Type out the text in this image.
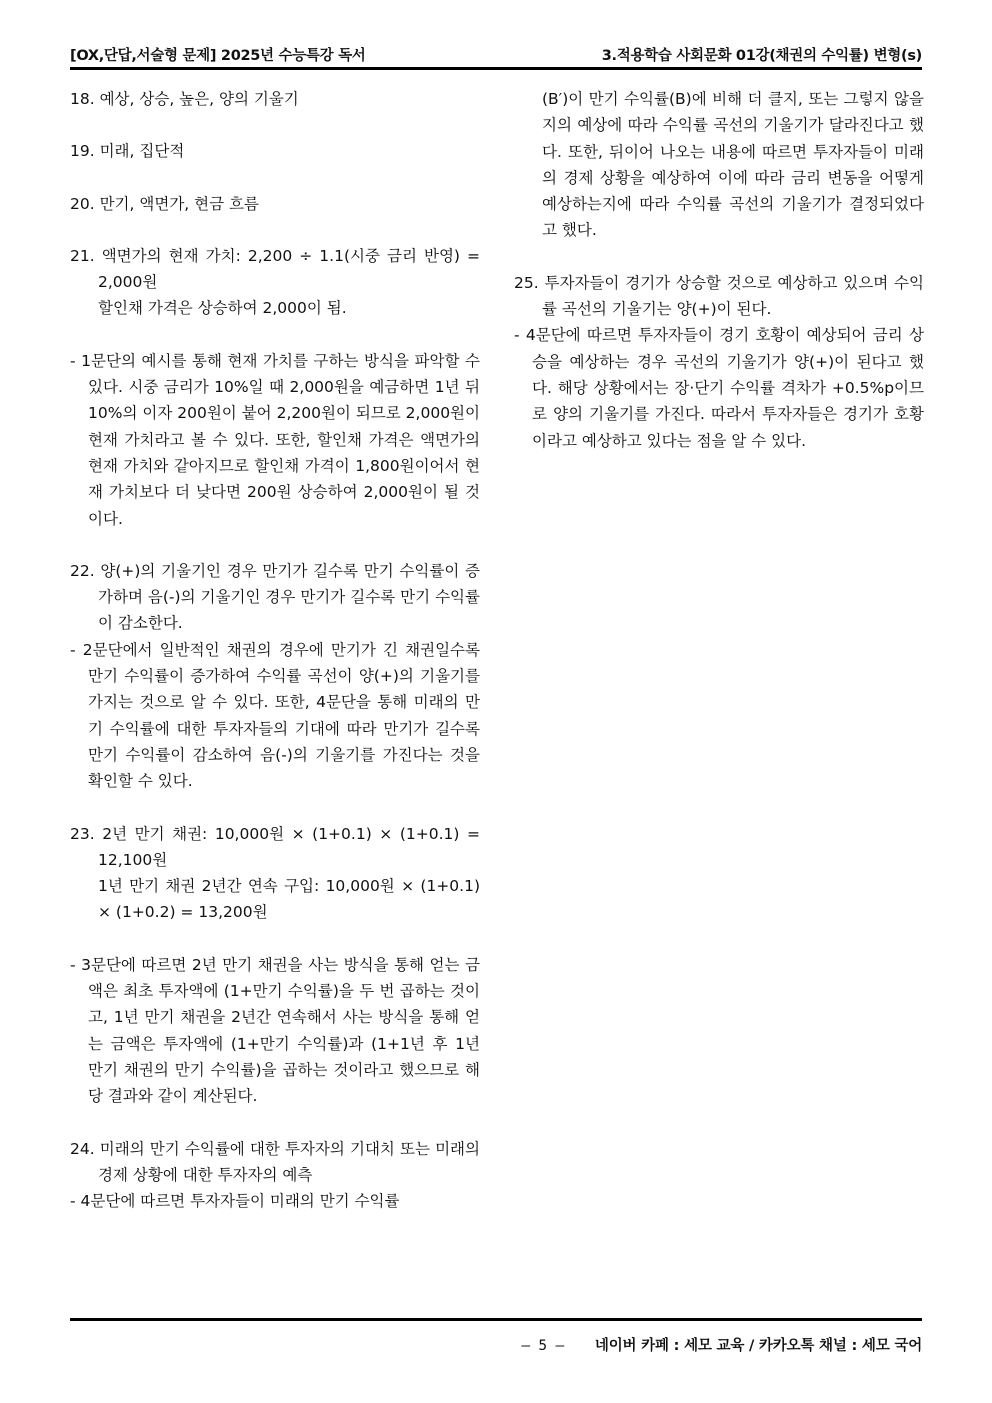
[OX,단답,서술형 문제] 2025년 수능특강 독서	3.적용학습 사회문화 01강(채권의 수익률) 변형(s)

18. 예상, 상승, 높은, 양의 기울기

19. 미래, 집단적

20. 만기, 액면가, 현금 흐름

21. 액면가의 현재 가치: 2,200 ÷ 1.1(시중 금리 반영) = 2,000원

할인채 가격은 상승하여 2,000이 됨.

- 1문단의 예시를 통해 현재 가치를 구하는 방식을 파악할 수 있다. 시중 금리가 10%일 때 2,000원을 예금하면 1년 뒤 10%의 이자 200원이 붙어 2,200원이 되므로 2,000원이 현재 가치라고 볼 수 있다. 또한, 할인채 가격은 액면가의 현재 가치와 같아지므로 할인채 가격이 1,800원이어서 현재 가치보다 더 낮다면 200원 상승하여 2,000원이 될 것이다.

22. 양(+)의 기울기인 경우 만기가 길수록 만기 수익률이 증가하며 음(-)의 기울기인 경우 만기가 길수록 만기 수익률이 감소한다.

- 2문단에서 일반적인 채권의 경우에 만기가 긴 채권일수록 만기 수익률이 증가하여 수익률 곡선이 양(+)의 기울기를 가지는 것으로 알 수 있다. 또한, 4문단을 통해 미래의 만기 수익률에 대한 투자자들의 기대에 따라 만기가 길수록 만기 수익률이 감소하여 음(-)의 기울기를 가진다는 것을 확인할 수 있다.

23. 2년 만기 채권: 10,000원 × (1+0.1) × (1+0.1) = 12,100원

1년 만기 채권 2년간 연속 구입: 10,000원 × (1+0.1) × (1+0.2) = 13,200원

- 3문단에 따르면 2년 만기 채권을 사는 방식을 통해 얻는 금액은 최초 투자액에 (1+만기 수익률)을 두 번 곱하는 것이고, 1년 만기 채권을 2년간 연속해서 사는 방식을 통해 얻는 금액은 투자액에 (1+만기 수익률)과 (1+1년 후 1년 만기 채권의 만기 수익률)을 곱하는 것이라고 했으므로 해당 결과와 같이 계산된다.

24. 미래의 만기 수익률에 대한 투자자의 기대치 또는 미래의 경제 상황에 대한 투자자의 예측

- 4문단에 따르면 투자자들이 미래의 만기 수익률

(B′)이 만기 수익률(B)에 비해 더 클지, 또는 그렇지 않을지의 예상에 따라 수익률 곡선의 기울기가 달라진다고 했다. 또한, 뒤이어 나오는 내용에 따르면 투자자들이 미래의 경제 상황을 예상하여 이에 따라 금리 변동을 어떻게 예상하는지에 따라 수익률 곡선의 기울기가 결정되었다고 했다.

25. 투자자들이 경기가 상승할 것으로 예상하고 있으며 수익률 곡선의 기울기는 양(+)이 된다.

- 4문단에 따르면 투자자들이 경기 호황이 예상되어 금리 상승을 예상하는 경우 곡선의 기울기가 양(+)이 된다고 했다. 해당 상황에서는 장·단기 수익률 격차가 +0.5%p이므로 양의 기울기를 가진다. 따라서 투자자들은 경기가 호황이라고 예상하고 있다는 점을 알 수 있다.

– 5 – 네이버 카페 : 세모 교육 / 카카오톡 채널 : 세모 국어
